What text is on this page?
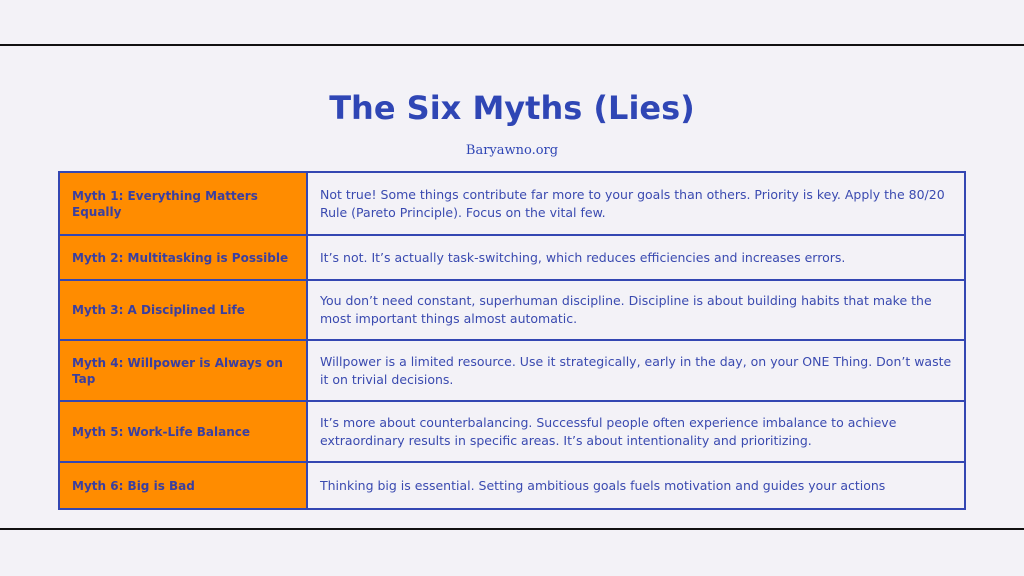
The Six Myths (Lies)
Baryawno.org
Myth 1: Everything Matters Equally	Not true! Some things contribute far more to your goals than others. Priority is key. Apply the 80/20 Rule (Pareto Principle). Focus on the vital few.
Myth 2: Multitasking is Possible	It’s not. It’s actually task-switching, which reduces efficiencies and increases errors.
Myth 3: A Disciplined Life	You don’t need constant, superhuman discipline. Discipline is about building habits that make the most important things almost automatic.
Myth 4: Willpower is Always on Tap	Willpower is a limited resource. Use it strategically, early in the day, on your ONE Thing. Don’t waste it on trivial decisions.
Myth 5: Work-Life Balance	It’s more about counterbalancing. Successful people often experience imbalance to achieve extraordinary results in specific areas. It’s about intentionality and prioritizing.
Myth 6: Big is Bad	Thinking big is essential. Setting ambitious goals fuels motivation and guides your actions
